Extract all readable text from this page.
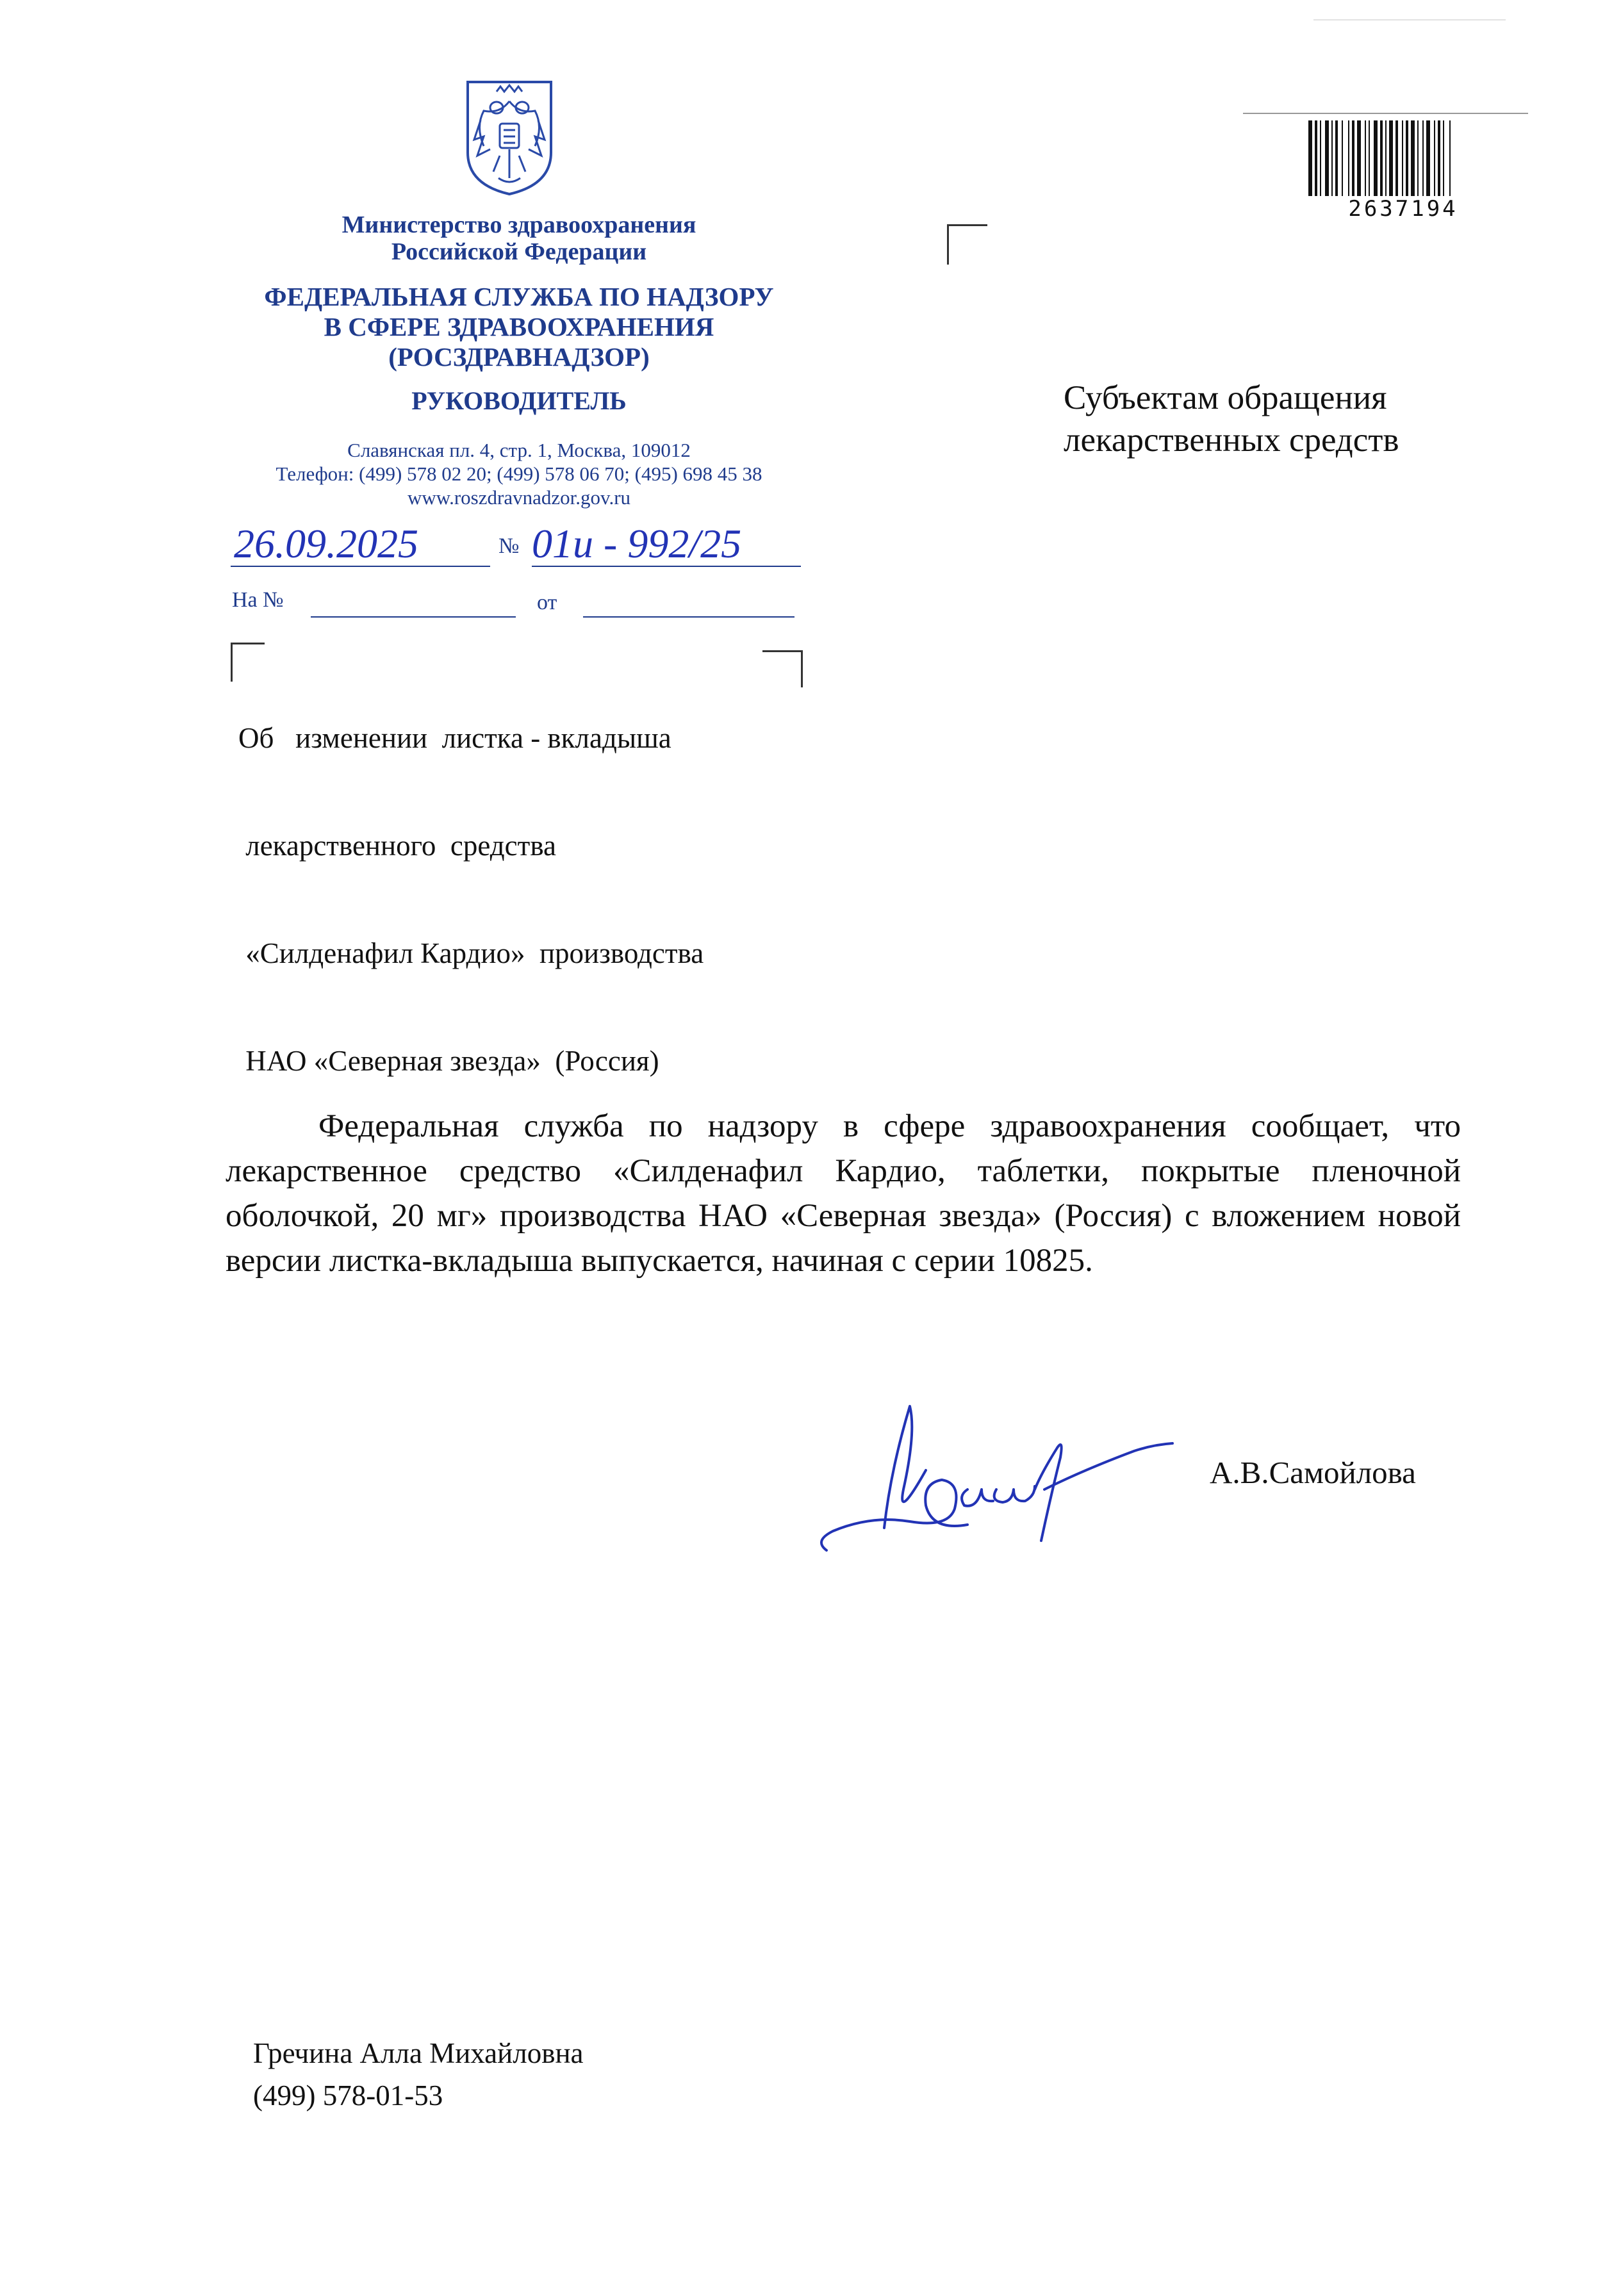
Министерство здравоохранения
Российской Федерации
ФЕДЕРАЛЬНАЯ СЛУЖБА ПО НАДЗОРУ
В СФЕРЕ ЗДРАВООХРАНЕНИЯ
(РОСЗДРАВНАДЗОР)
РУКОВОДИТЕЛЬ
Славянская пл. 4, стр. 1, Москва, 109012
Телефон: (499) 578 02 20; (499) 578 06 70; (495) 698 45 38
www.roszdravnadzor.gov.ru
26.09.2025	№ 01и - 992/25
На №	от

Об   изменении  листка - вкладыша

лекарственного  средства

«Силденафил Кардио»  производства

НАО «Северная звезда»  (Россия)

2637194
Субъектам обращения
лекарственных средств
Федеральная служба по надзору в сфере здравоохранения сообщает, что лекарственное средство «Силденафил Кардио, таблетки, покрытые пленочной оболочкой, 20 мг» производства НАО «Северная звезда» (Россия) с вложением новой версии листка-вкладыша выпускается, начиная с серии 10825.
А.В.Самойлова
Гречина Алла Михайловна
(499) 578-01-53
